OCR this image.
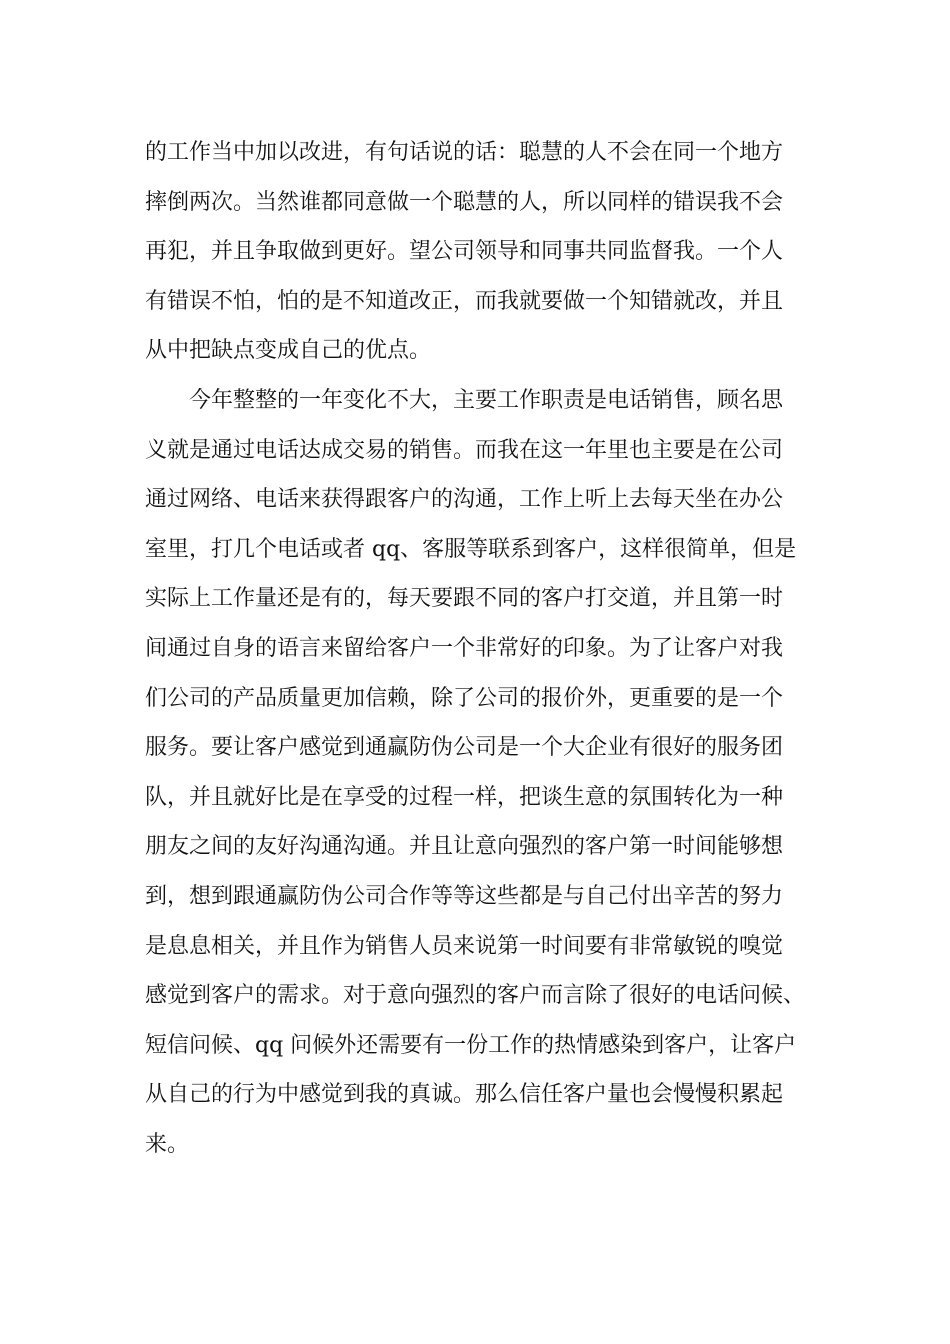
的工作当中加以改进，有句话说的话：聪慧的人不会在同一个地方
摔倒两次。当然谁都同意做一个聪慧的人，所以同样的错误我不会
再犯，并且争取做到更好。望公司领导和同事共同监督我。一个人
有错误不怕，怕的是不知道改正，而我就要做一个知错就改，并且
从中把缺点变成自己的优点。
今年整整的一年变化不大，主要工作职责是电话销售，顾名思
义就是通过电话达成交易的销售。而我在这一年里也主要是在公司
通过网络、电话来获得跟客户的沟通，工作上听上去每天坐在办公
室里，打几个电话或者 qq、客服等联系到客户，这样很简单，但是
实际上工作量还是有的，每天要跟不同的客户打交道，并且第一时
间通过自身的语言来留给客户一个非常好的印象。为了让客户对我
们公司的产品质量更加信赖，除了公司的报价外，更重要的是一个
服务。要让客户感觉到通赢防伪公司是一个大企业有很好的服务团
队，并且就好比是在享受的过程一样，把谈生意的氛围转化为一种
朋友之间的友好沟通沟通。并且让意向强烈的客户第一时间能够想
到，想到跟通赢防伪公司合作等等这些都是与自己付出辛苦的努力
是息息相关，并且作为销售人员来说第一时间要有非常敏锐的嗅觉
感觉到客户的需求。对于意向强烈的客户而言除了很好的电话问候、
短信问候、qq 问候外还需要有一份工作的热情感染到客户，让客户
从自己的行为中感觉到我的真诚。那么信任客户量也会慢慢积累起
来。
